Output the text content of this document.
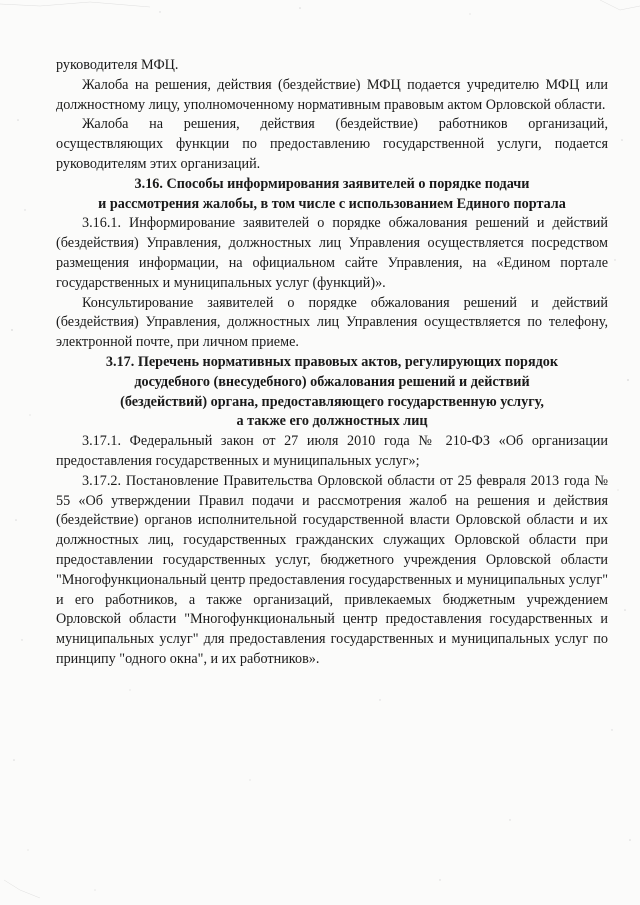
руководителя МФЦ.

Жалоба на решения, действия (бездействие) МФЦ подается учредителю МФЦ или должностному лицу, уполномоченному нормативным правовым актом Орловской области.

Жалоба на решения, действия (бездействие) работников организаций, осуществляющих функции по предоставлению государственной услуги, подается руководителям этих организаций.

3.16. Способы информирования заявителей о порядке подачи
и рассмотрения жалобы, в том числе с использованием Единого портала

3.16.1. Информирование заявителей о порядке обжалования решений и действий (бездействия) Управления, должностных лиц Управления осуществляется посредством размещения информации, на официальном сайте Управления, на «Едином портале государственных и муниципальных услуг (функций)».

Консультирование заявителей о порядке обжалования решений и действий (бездействия) Управления, должностных лиц Управления осуществляется по телефону, электронной почте, при личном приеме.

3.17. Перечень нормативных правовых актов, регулирующих порядок
досудебного (внесудебного) обжалования решений и действий
(бездействий) органа, предоставляющего государственную услугу,
а также его должностных лиц

3.17.1. Федеральный закон от 27 июля 2010 года № 210-ФЗ «Об организации предоставления государственных и муниципальных услуг»;

3.17.2. Постановление Правительства Орловской области от 25 февраля 2013 года № 55 «Об утверждении Правил подачи и рассмотрения жалоб на решения и действия (бездействие) органов исполнительной государственной власти Орловской области и их должностных лиц, государственных гражданских служащих Орловской области при предоставлении государственных услуг, бюджетного учреждения Орловской области "Многофункциональный центр предоставления государственных и муниципальных услуг" и его работников, а также организаций, привлекаемых бюджетным учреждением Орловской области "Многофункциональный центр предоставления государственных и муниципальных услуг" для предоставления государственных и муниципальных услуг по принципу "одного окна", и их работников».
